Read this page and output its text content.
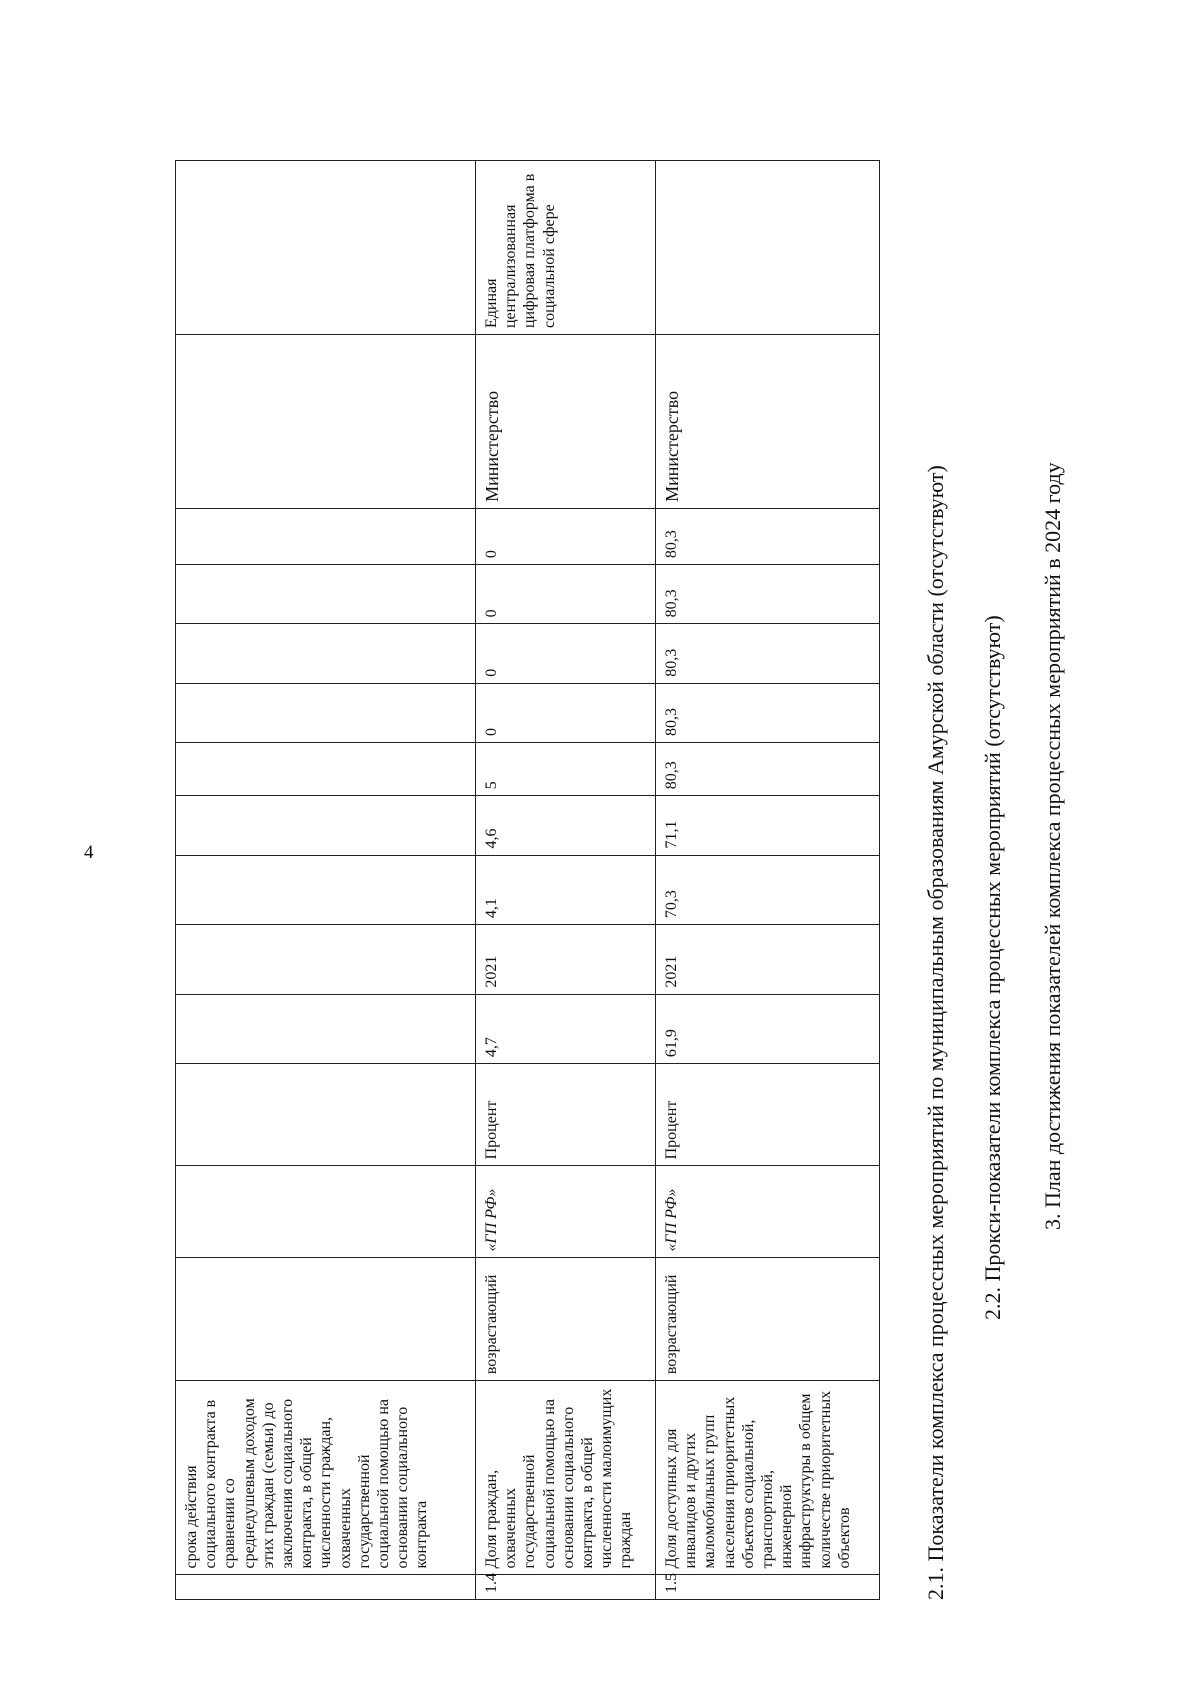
4
	срока действия социального контракта в сравнении со среднедушевым доходом этих граждан (семьи) до заключения социального контракта, в общей численности граждан, охваченных государственной социальной помощью на основании социального контракта														
1.4	Доля граждан, охваченных государственной социальной помощью на основании социального контракта, в общей численности малоимущих граждан	возрастающий	«ГП РФ»	Процент	4,7	2021	4,1	4,6	5	0	0	0	0	Министерство	Единая централизованная цифровая платформа в социальной сфере
1.5	Доля доступных для инвалидов и других маломобильных групп населения приоритетных объектов социальной, транспортной, инженерной инфраструктуры в общем количестве приоритетных объектов	возрастающий	«ГП РФ»	Процент	61,9	2021	70,3	71,1	80,3	80,3	80,3	80,3	80,3	Министерство	
2.1. Показатели комплекса процессных мероприятий по муниципальным образованиям Амурской области (отсутствуют) 2.2. Прокси-показатели комплекса процессных мероприятий (отсутствуют) 3. План достижения показателей комплекса процессных мероприятий в 2024 году
